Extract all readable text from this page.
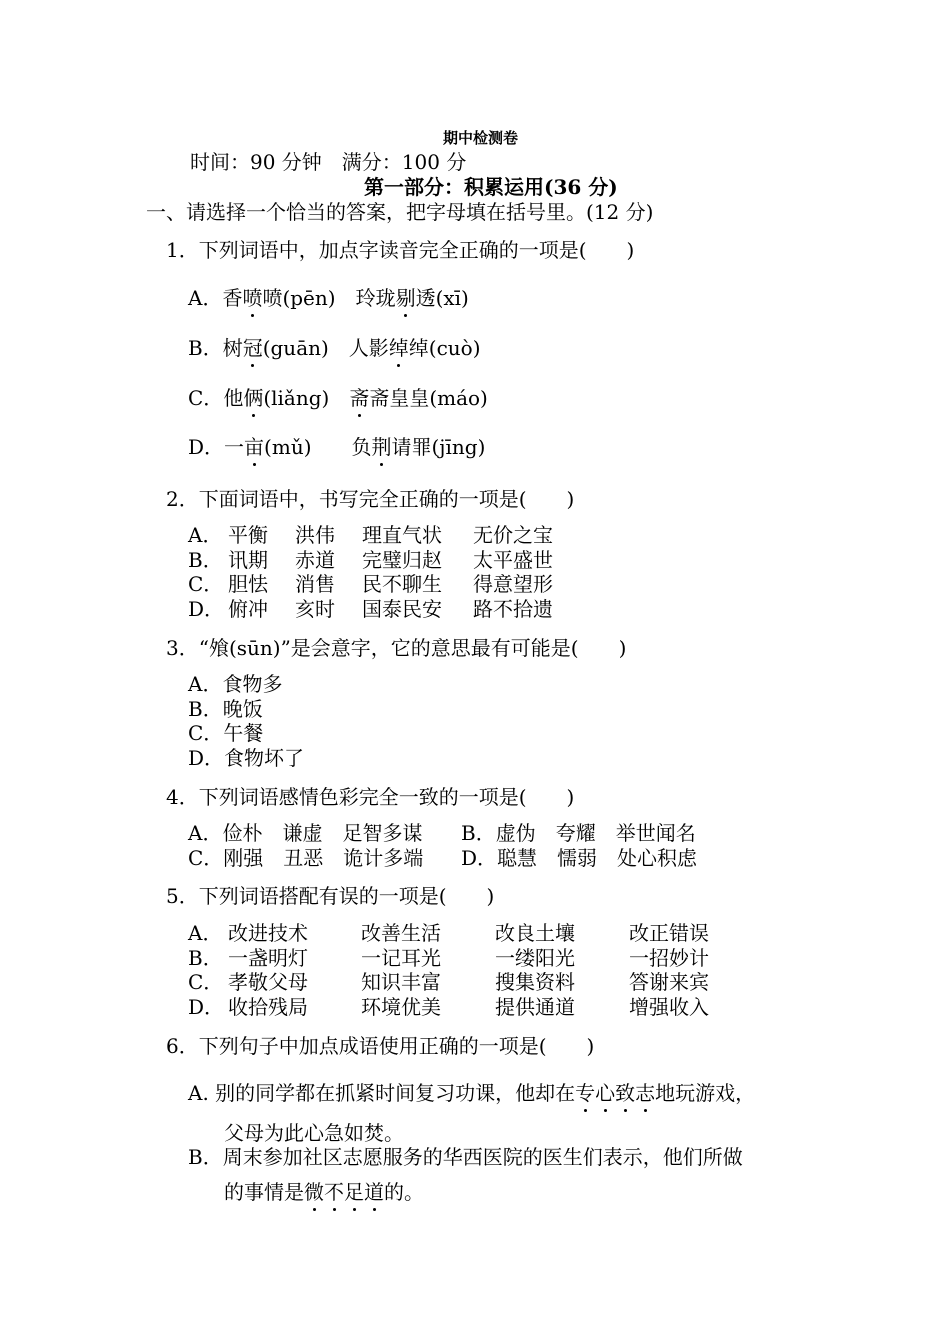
期中检测卷
时间：90 分钟　满分：100 分
第一部分：积累运用(36 分)
一、请选择一个恰当的答案，把字母填在括号里。(12 分)
1．下列词语中，加点字读音完全正确的一项是(　　)
A．香喷喷(pēn)　玲珑剔透(xī)
B．树冠(guān)　人影绰绰(cuò)
C．他俩(liǎng)　斋斋皇皇(máo)
D．一亩(mǔ)　　负荆请罪(jīng)
2．下面词语中，书写完全正确的一项是(　　)
A． 平衡	洪伟	理直气状	无价之宝
B． 讯期	赤道	完璧归赵	太平盛世
C． 胆怯	消售	民不聊生	得意望形
D． 俯冲	亥时	国泰民安	路不拾遗
3．“飧(sūn)”是会意字，它的意思最有可能是(　　)
A．食物多
B．晚饭
C．午餐
D．食物坏了
4．下列词语感情色彩完全一致的一项是(　　)
A．俭朴　谦虚　足智多谋 B．虚伪　夸耀　举世闻名
C．刚强　丑恶　诡计多端 D．聪慧　懦弱　处心积虑
5．下列词语搭配有误的一项是(　　)
A． 改进技术	改善生活	改良土壤	改正错误
B． 一盏明灯	一记耳光	一缕阳光	一招妙计
C． 孝敬父母	知识丰富	搜集资料	答谢来宾
D． 收拾残局	环境优美	提供通道	增强收入
6．下列句子中加点成语使用正确的一项是(　　)
A. 别的同学都在抓紧时间复习功课，他却在专心致志地玩游戏，
父母为此心急如焚。
B．周末参加社区志愿服务的华西医院的医生们表示，他们所做
的事情是微不足道的。
